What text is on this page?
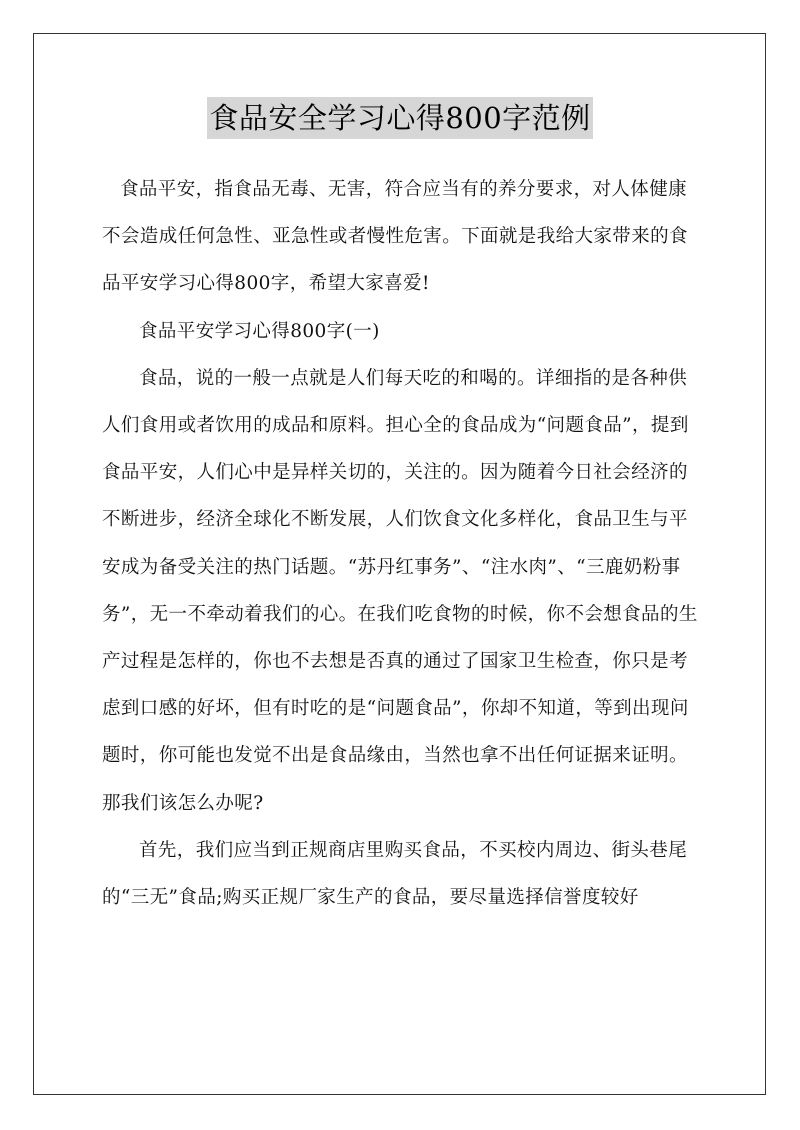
食品安全学习心得800字范例

食品平安，指食品无毒、无害，符合应当有的养分要求，对人体健康不会造成任何急性、亚急性或者慢性危害。下面就是我给大家带来的食品平安学习心得800字，希望大家喜爱!

食品平安学习心得800字(一)

食品，说的一般一点就是人们每天吃的和喝的。详细指的是各种供人们食用或者饮用的成品和原料。担心全的食品成为“问题食品”，提到食品平安，人们心中是异样关切的，关注的。因为随着今日社会经济的不断进步，经济全球化不断发展，人们饮食文化多样化，食品卫生与平安成为备受关注的热门话题。“苏丹红事务”、“注水肉”、“三鹿奶粉事务”，无一不牵动着我们的心。在我们吃食物的时候，你不会想食品的生产过程是怎样的，你也不去想是否真的通过了国家卫生检查，你只是考虑到口感的好坏，但有时吃的是“问题食品”，你却不知道，等到出现问题时，你可能也发觉不出是食品缘由，当然也拿不出任何证据来证明。那我们该怎么办呢?

首先，我们应当到正规商店里购买食品，不买校内周边、街头巷尾的“三无”食品;购买正规厂家生产的食品，要尽量选择信誉度较好
